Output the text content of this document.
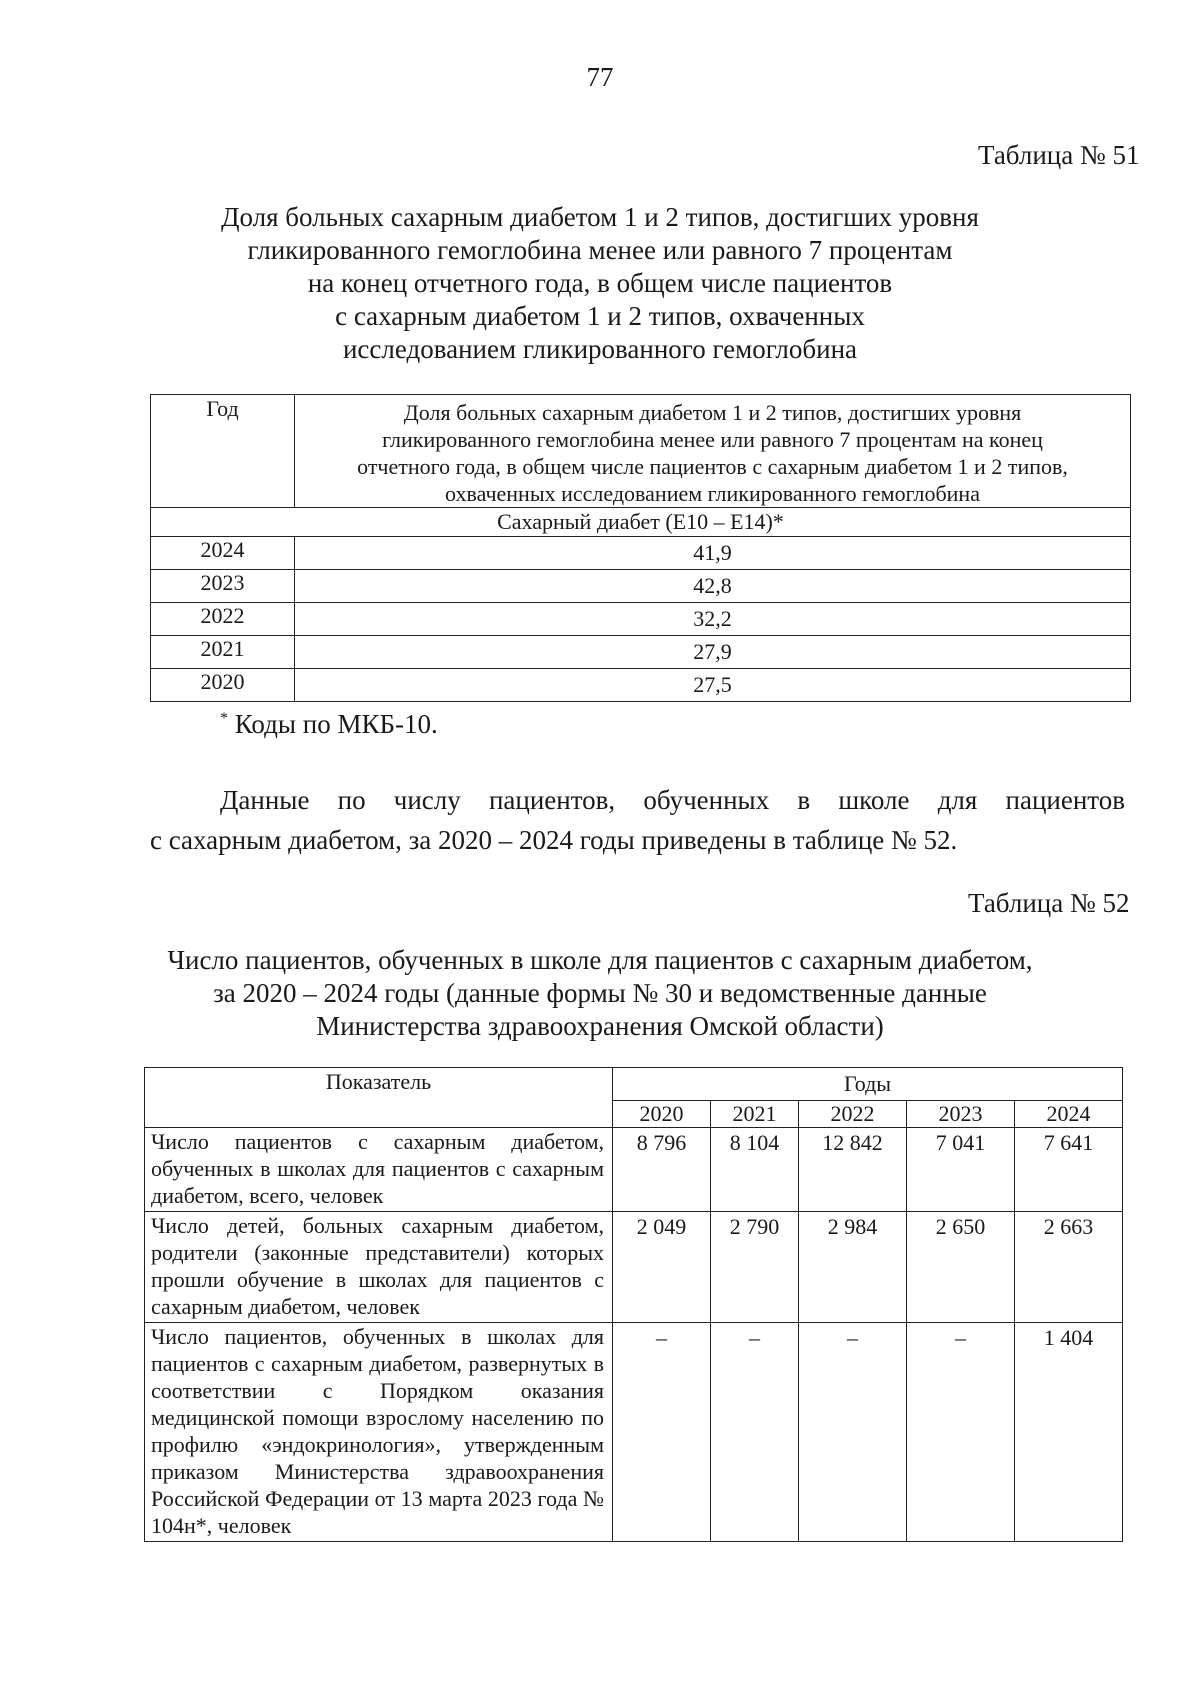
77
Таблица № 51
Доля больных сахарным диабетом 1 и 2 типов, достигших уровня
гликированного гемоглобина менее или равного 7 процентам
на конец отчетного года, в общем числе пациентов
с сахарным диабетом 1 и 2 типов, охваченных
исследованием гликированного гемоглобина
Год	Доля больных сахарным диабетом 1 и 2 типов, достигших уровня
гликированного гемоглобина менее или равного 7 процентам на конец
отчетного года, в общем числе пациентов с сахарным диабетом 1 и 2 типов,
охваченных исследованием гликированного гемоглобина

Сахарный диабет (E10 – E14)*	
2024	41,9
2023	42,8
2022	32,2
2021	27,9
2020	27,5
* Коды по МКБ-10.
Данные по числу пациентов, обученных в школе для пациентов
с сахарным диабетом, за 2020 – 2024 годы приведены в таблице № 52.
Таблица № 52
Число пациентов, обученных в школе для пациентов с сахарным диабетом,
за 2020 – 2024 годы (данные формы № 30 и ведомственные данные
Министерства здравоохранения Омской области)
Показатель	Годы				
	2020	2021	2022	2023	2024
Число пациентов с сахарным диабетом, обученных в школах для пациентов с сахарным диабетом, всего, человек	8 796	8 104	12 842	7 041	7 641
Число детей, больных сахарным диабетом, родители (законные представители) которых прошли обучение в школах для пациентов с сахарным диабетом, человек	2 049	2 790	2 984	2 650	2 663
Число пациентов, обученных в школах для пациентов с сахарным диабетом, развернутых в соответствии с Порядком оказания медицинской помощи взрослому населению по профилю «эндокринология», утвержденным приказом Министерства здравоохранения Российской Федерации от 13 марта 2023 года № 104н*, человек	–	–	–	–	1 404
